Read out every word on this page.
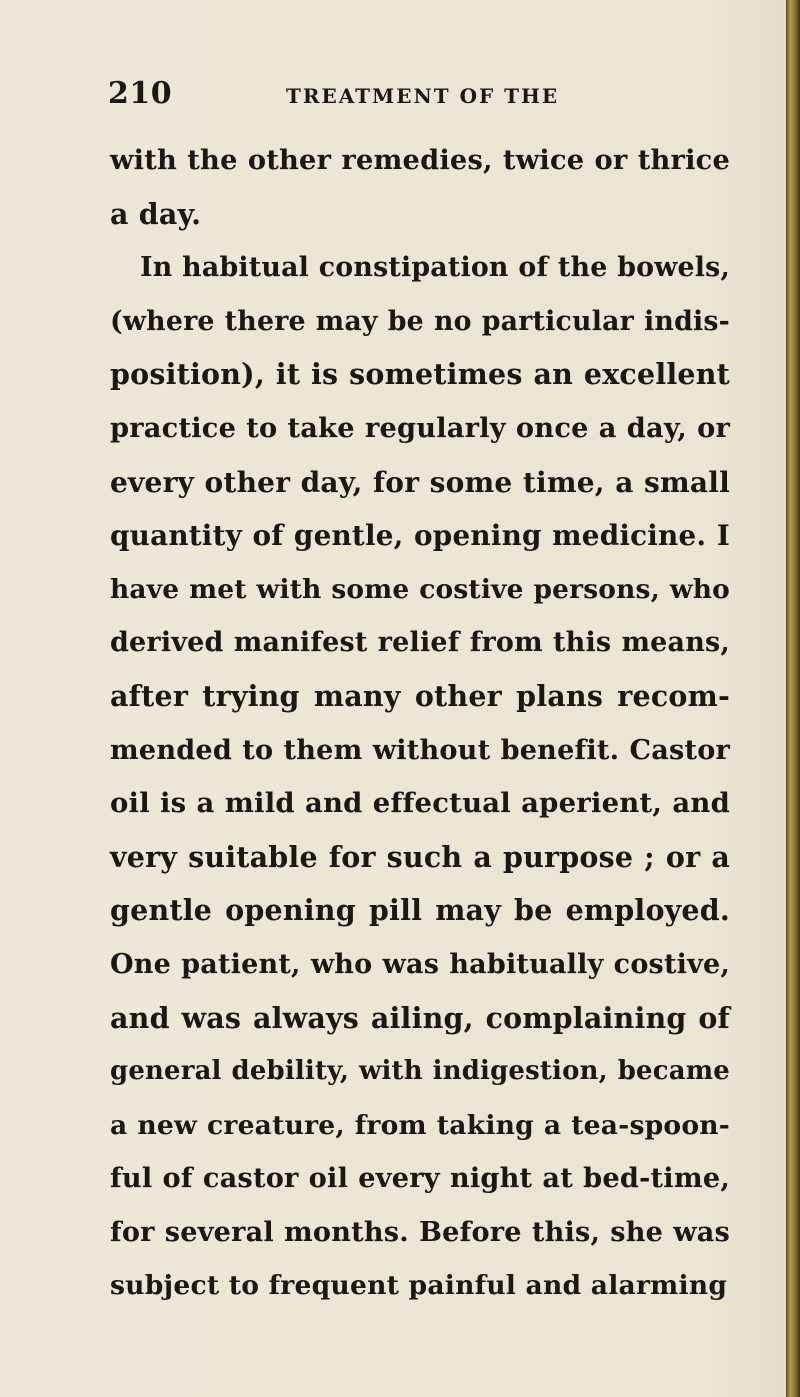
210	TREATMENT OF THE
with the other remedies, twice or thrice
a day.
In habitual constipation of the bowels,
(where there may be no particular indis-
position), it is sometimes an excellent
practice to take regularly once a day, or
every other day, for some time, a small
quantity of gentle, opening medicine. I
have met with some costive persons, who
derived manifest relief from this means,
after trying many other plans recom-
mended to them without benefit. Castor
oil is a mild and effectual aperient, and
very suitable for such a purpose ; or a
gentle opening pill may be employed.
One patient, who was habitually costive,
and was always ailing, complaining of
general debility, with indigestion, became
a new creature, from taking a tea-spoon-
ful of castor oil every night at bed-time,
for several months. Before this, she was
subject to frequent painful and alarming
